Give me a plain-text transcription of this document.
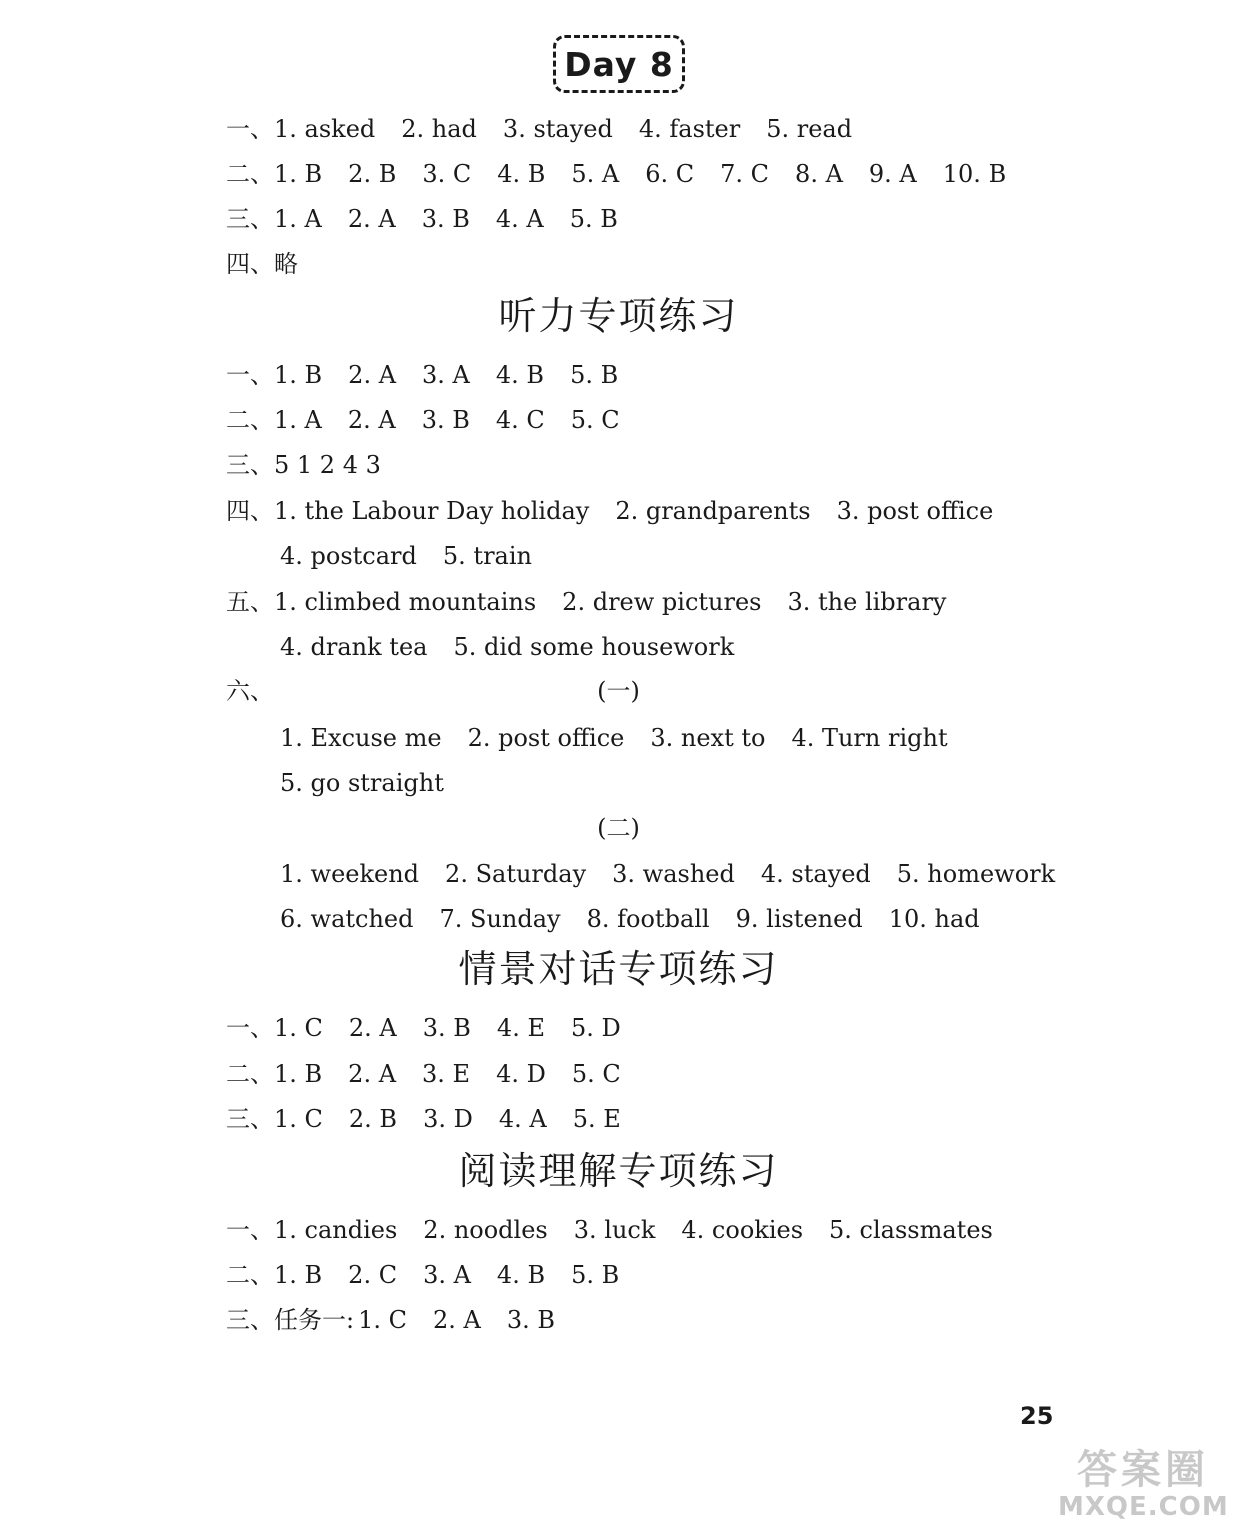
Day 8
一、1. asked 2. had 3. stayed 4. faster 5. read
二、1. B 2. B 3. C 4. B 5. A 6. C 7. C 8. A 9. A 10. B
三、1. A 2. A 3. B 4. A 5. B
四、略
听力专项练习
一、1. B 2. A 3. A 4. B 5. B
二、1. A 2. A 3. B 4. C 5. C
三、5 1 2 4 3
四、1. the Labour Day holiday 2. grandparents 3. post office
4. postcard 5. train
五、1. climbed mountains 2. drew pictures 3. the library
4. drank tea 5. did some housework
六、	(一)
1. Excuse me 2. post office 3. next to 4. Turn right
5. go straight
(二)
1. weekend 2. Saturday 3. washed 4. stayed 5. homework
6. watched 7. Sunday 8. football 9. listened 10. had
情景对话专项练习
一、1. C 2. A 3. B 4. E 5. D
二、1. B 2. A 3. E 4. D 5. C
三、1. C 2. B 3. D 4. A 5. E
阅读理解专项练习
一、1. candies 2. noodles 3. luck 4. cookies 5. classmates
二、1. B 2. C 3. A 4. B 5. B
三、任务一: 1. C 2. A 3. B
25
答案圈
MXQE.COM
